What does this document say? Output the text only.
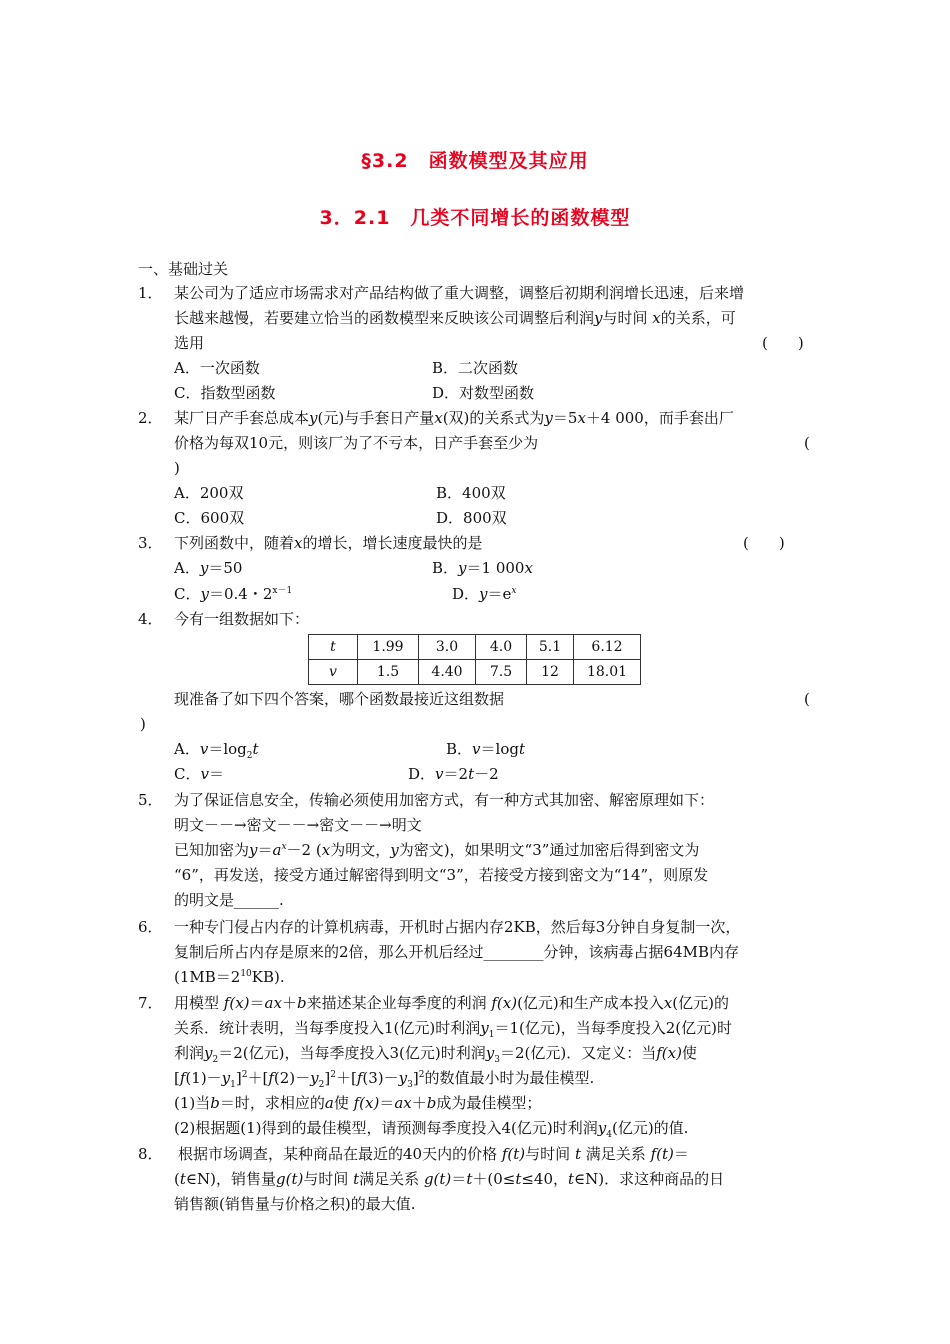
§3.2　函数模型及其应用
3．2.1　几类不同增长的函数模型
一、基础过关
1． 某公司为了适应市场需求对产品结构做了重大调整，调整后初期利润增长迅速，后来增
长越来越慢，若要建立恰当的函数模型来反映该公司调整后利润y与时间 x的关系，可
选用	(　　)
A．一次函数	B．二次函数
C．指数型函数	D．对数型函数
2． 某厂日产手套总成本y(元)与手套日产量x(双)的关系式为y＝5x＋4 000，而手套出厂
价格为每双10元，则该厂为了不亏本，日产手套至少为	(
)
A．200双	B．400双
C．600双	D．800双
3． 下列函数中，随着x的增长，增长速度最快的是	(　　)
A．y＝50	B．y＝1 000x
C．y＝0.4・$2^{x-1}$	D．$y=e^x$
4． 今有一组数据如下：
t	1.99	3.0	4.0	5.1	6.12
v	1.5	4.40	7.5	12	18.01
现准备了如下四个答案，哪个函数最接近这组数据	(
)
A．$v=\log_2t$	B．v＝logt
C．v＝	D．v＝2t－2
5． 为了保证信息安全，传输必须使用加密方式，有一种方式其加密、解密原理如下：
明文－－→密文－－→密文－－→明文
已知加密为$y=a^x-2$ (x为明文，y为密文)，如果明文“3”通过加密后得到密文为
“6”，再发送，接受方通过解密得到明文“3”，若接受方接到密文为“14”，则原发
的明文是______.
6． 一种专门侵占内存的计算机病毒，开机时占据内存2KB，然后每3分钟自身复制一次，
复制后所占内存是原来的2倍，那么开机后经过________分钟，该病毒占据64MB内存
$(1MB=2^{10}KB)$.
7． 用模型 f(x)＝ax＋b来描述某企业每季度的利润 f(x)(亿元)和生产成本投入x(亿元)的
关系．统计表明，当每季度投入1(亿元)时利润$y_1=1$(亿元)，当每季度投入2(亿元)时
利润$y_2=2$(亿元)，当每季度投入3(亿元)时利润$y_3=2$(亿元)．又定义：当f(x)使
$[f(1)-y_1]^2+[f(2)-y_2]^2+[f(3)-y_3]^2$的数值最小时为最佳模型.
(1)当b＝时，求相应的a使 f(x)＝ax＋b成为最佳模型；
(2)根据题(1)得到的最佳模型，请预测每季度投入4(亿元)时利润$y_4$(亿元)的值.
8． 根据市场调查，某种商品在最近的40天内的价格 f(t)与时间 t 满足关系 f(t)＝
(t∈N)，销售量g(t)与时间 t满足关系 g(t)＝t＋(0≤t≤40，t∈N)．求这种商品的日
销售额(销售量与价格之积)的最大值.
